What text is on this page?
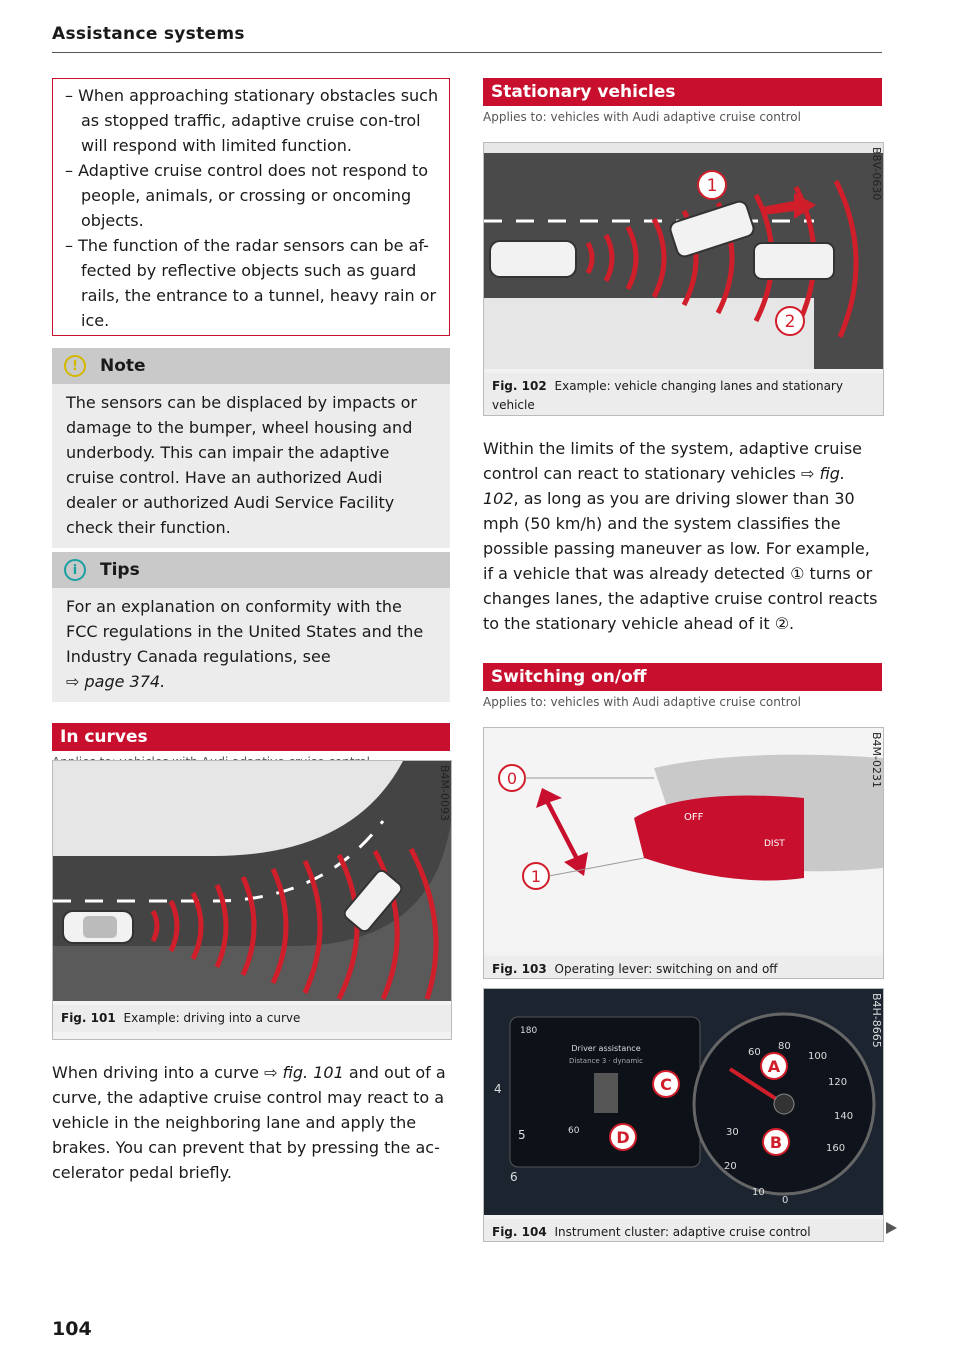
Assistance systems
– When approaching stationary obstacles such as stopped traffic, adaptive cruise con-trol will respond with limited function.
– Adaptive cruise control does not respond to people, animals, or crossing or oncoming objects.
– The function of the radar sensors can be af-fected by reflective objects such as guard rails, the entrance to a tunnel, heavy rain or ice.
!	Note
The sensors can be displaced by impacts or damage to the bumper, wheel housing and underbody. This can impair the adaptive cruise control. Have an authorized Audi dealer or authorized Audi Service Facility check their function.
i	Tips
For an explanation on conformity with the FCC regulations in the United States and the Industry Canada regulations, see
⇨ page 374.
In curves
B4M-0093
Fig. 101 Example: driving into a curve
When driving into a curve ⇨ fig. 101 and out of a curve, the adaptive cruise control may react to a vehicle in the neighboring lane and apply the brakes. You can prevent that by pressing the ac-celerator pedal briefly.
Stationary vehicles
Applies to: vehicles with Audi adaptive cruise control
1
2
B8V-0630
Fig. 102 Example: vehicle changing lanes and stationary vehicle
Within the limits of the system, adaptive cruise control can react to stationary vehicles ⇨ fig. 102, as long as you are driving slower than 30 mph (50 km/h) and the system classifies the possible passing maneuver as low. For example, if a vehicle that was already detected ① turns or changes lanes, the adaptive cruise control reacts to the stationary vehicle ahead of it ②.
Switching on/off
Applies to: vehicles with Audi adaptive cruise control
OFF
DIST
0
1
B4M-0231
Fig. 103 Operating lever: switching on and off
180
Driver assistance
Distance 3 · dynamic
60
4
5
6
30
60
80
100
120
140
160
20
10
0
A
B
C
D
B4H-8665
Fig. 104 Instrument cluster: adaptive cruise control
104
